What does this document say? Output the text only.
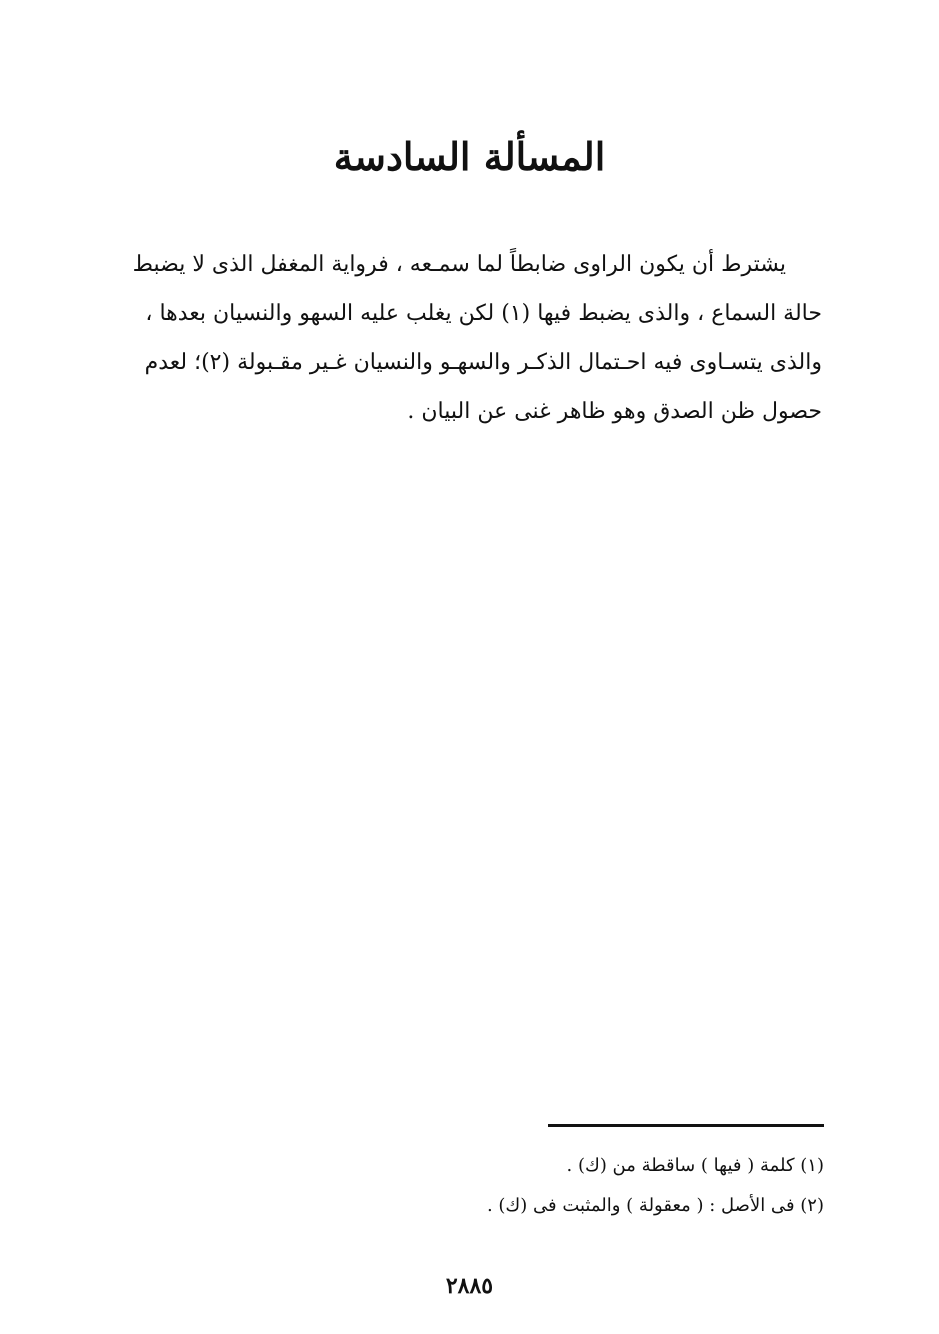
المسألة السادسة
يشترط أن يكون الراوى ضابطاً لما سمـعه ، فرواية المغفل الذى لا يضبط
حالة السماع ، والذى يضبط فيها (١) لكن يغلب عليه السهو والنسيان بعدها ،
والذى يتسـاوى فيه احـتمال الذكـر والسهـو والنسيان غـير مقـبولة (٢)؛ لعدم
حصول ظن الصدق وهو ظاهر غنى عن البيان .
(١) كلمة ( فيها ) ساقطة من (ك) .
(٢) فى الأصل : ( معقولة ) والمثبت فى (ك) .
٢٨٨٥
